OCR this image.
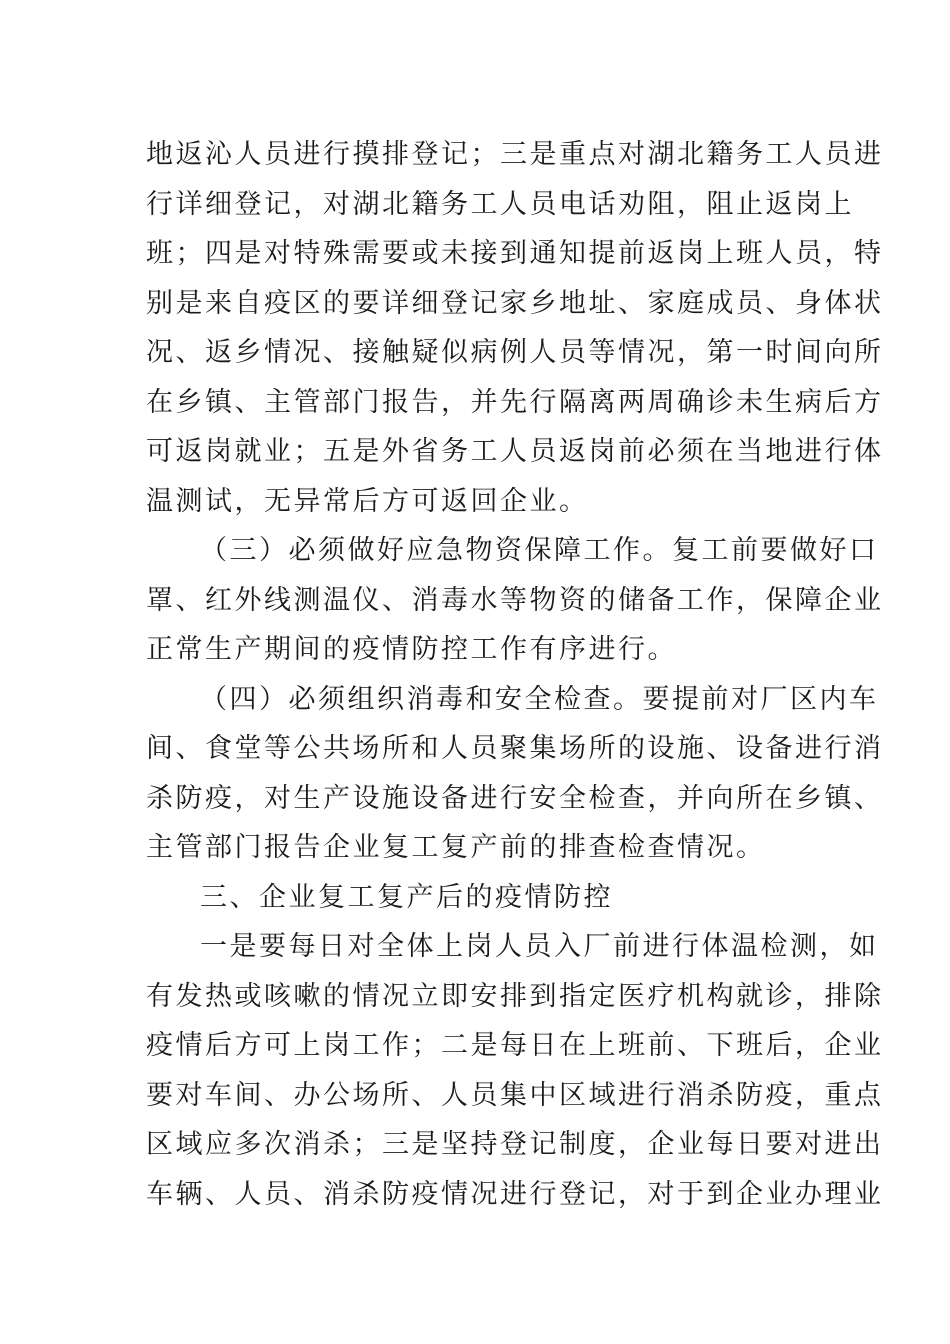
地返沁人员进行摸排登记；三是重点对湖北籍务工人员进
行详细登记，对湖北籍务工人员电话劝阻，阻止返岗上
班；四是对特殊需要或未接到通知提前返岗上班人员，特
别是来自疫区的要详细登记家乡地址、家庭成员、身体状
况、返乡情况、接触疑似病例人员等情况，第一时间向所
在乡镇、主管部门报告，并先行隔离两周确诊未生病后方
可返岗就业；五是外省务工人员返岗前必须在当地进行体
温测试，无异常后方可返回企业。
（三）必须做好应急物资保障工作。复工前要做好口
罩、红外线测温仪、消毒水等物资的储备工作，保障企业
正常生产期间的疫情防控工作有序进行。
（四）必须组织消毒和安全检查。要提前对厂区内车
间、食堂等公共场所和人员聚集场所的设施、设备进行消
杀防疫，对生产设施设备进行安全检查，并向所在乡镇、
主管部门报告企业复工复产前的排查检查情况。
三、企业复工复产后的疫情防控
一是要每日对全体上岗人员入厂前进行体温检测，如
有发热或咳嗽的情况立即安排到指定医疗机构就诊，排除
疫情后方可上岗工作；二是每日在上班前、下班后，企业
要对车间、办公场所、人员集中区域进行消杀防疫，重点
区域应多次消杀；三是坚持登记制度，企业每日要对进出
车辆、人员、消杀防疫情况进行登记，对于到企业办理业
